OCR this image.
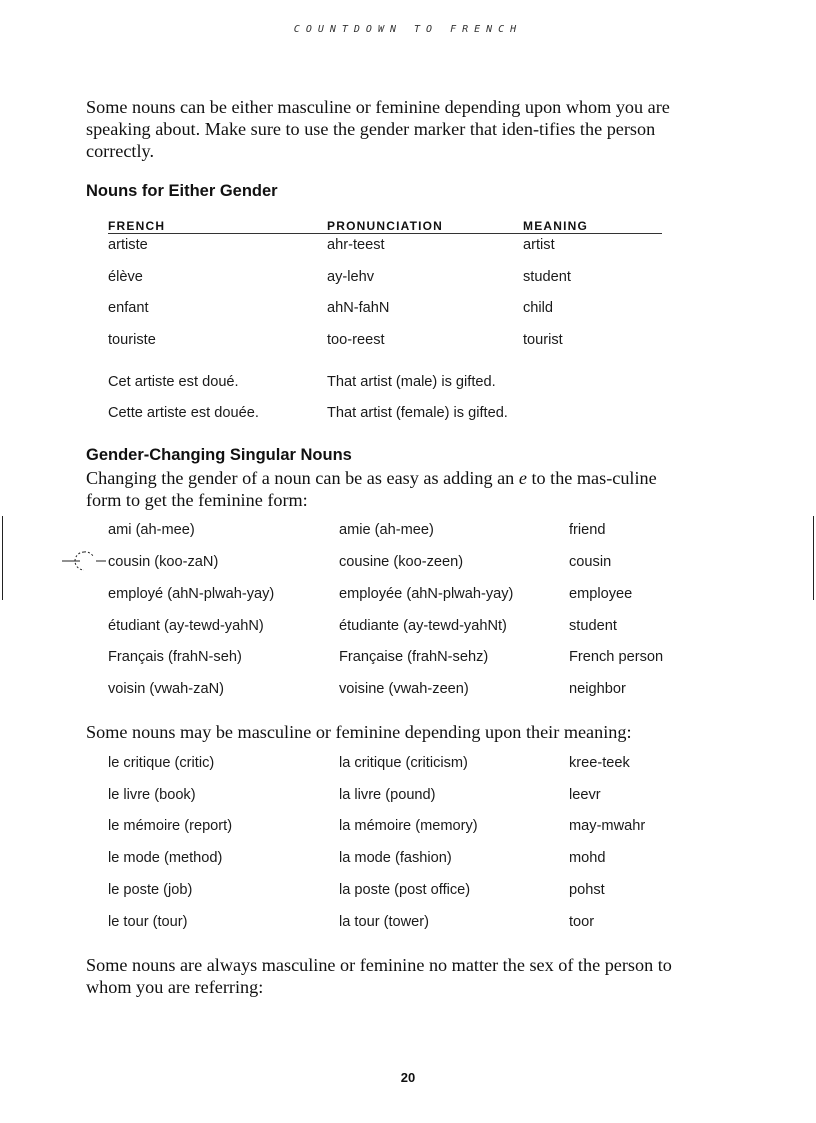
COUNTDOWN TO FRENCH
Some nouns can be either masculine or feminine depending upon whom you are speaking about. Make sure to use the gender marker that iden-tifies the person correctly.
Nouns for Either Gender
FRENCH	PRONUNCIATION	MEANING
artiste	ahr-teest	artist
élève	ay-lehv	student
enfant	ahN-fahN	child
touriste	too-reest	tourist
Cet artiste est doué.	That artist (male) is gifted.
Cette artiste est douée.	That artist (female) is gifted.
Gender-Changing Singular Nouns
Changing the gender of a noun can be as easy as adding an e to the mas-culine form to get the feminine form:
ami (ah-mee)	amie (ah-mee)	friend
cousin (koo-zaN)	cousine (koo-zeen)	cousin
employé (ahN-plwah-yay)	employée (ahN-plwah-yay)	employee
étudiant (ay-tewd-yahN)	étudiante (ay-tewd-yahNt)	student
Français (frahN-seh)	Française (frahN-sehz)	French person
voisin (vwah-zaN)	voisine (vwah-zeen)	neighbor
Some nouns may be masculine or feminine depending upon their meaning:
le critique (critic)	la critique (criticism)	kree-teek
le livre (book)	la livre (pound)	leevr
le mémoire (report)	la mémoire (memory)	may-mwahr
le mode (method)	la mode (fashion)	mohd
le poste (job)	la poste (post office)	pohst
le tour (tour)	la tour (tower)	toor
Some nouns are always masculine or feminine no matter the sex of the person to whom you are referring:
20
